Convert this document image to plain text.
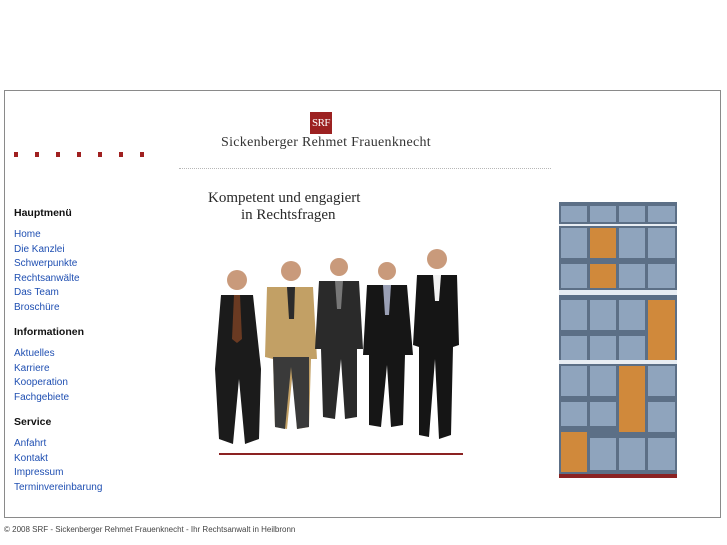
SRF
Sickenberger Rehmet Frauenknecht
Kompetent und engagiert
in Rechtsfragen
Hauptmenü
Home
Die Kanzlei
Schwerpunkte
Rechtsanwälte
Das Team
Broschüre
Informationen
Aktuelles
Karriere
Kooperation
Fachgebiete
Service
Anfahrt
Kontakt
Impressum
Terminvereinbarung
© 2008 SRF - Sickenberger Rehmet Frauenknecht - Ihr Rechtsanwalt in Heilbronn
